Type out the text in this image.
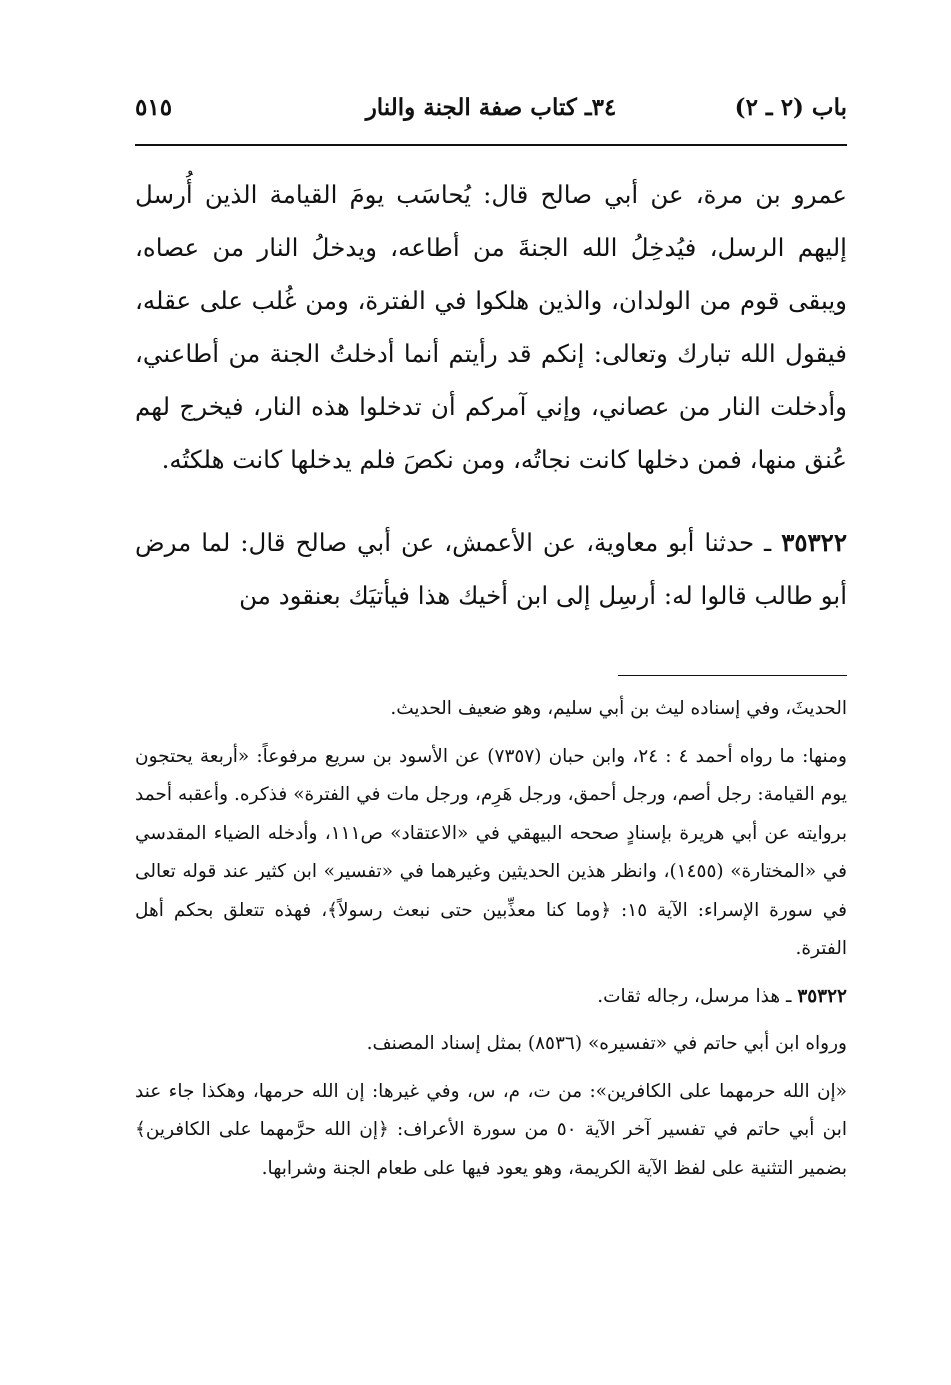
باب (٢ ـ ٢)
٣٤ـ كتاب صفة الجنة والنار
٥١٥

عمرو بن مرة، عن أبي صالح قال: يُحاسَب يومَ القيامة الذين أُرسل إليهم الرسل، فيُدخِلُ الله الجنةَ من أطاعه، ويدخلُ النار من عصاه، ويبقى قوم من الولدان، والذين هلكوا في الفترة، ومن غُلب على عقله، فيقول الله تبارك وتعالى: إنكم قد رأيتم أنما أدخلتُ الجنة من أطاعني، وأدخلت النار من عصاني، وإني آمركم أن تدخلوا هذه النار، فيخرج لهم عُنق منها، فمن دخلها كانت نجاتُه، ومن نكصَ فلم يدخلها كانت هلكتُه.

٣٥٣٢٢ ـ حدثنا أبو معاوية، عن الأعمش، عن أبي صالح قال: لما مرض أبو طالب قالوا له: أرسِل إلى ابن أخيك هذا فيأتيَك بعنقود من

الحديثَ، وفي إسناده ليث بن أبي سليم، وهو ضعيف الحديث.

ومنها: ما رواه أحمد ٤ : ٢٤، وابن حبان (٧٣٥٧) عن الأسود بن سريع مرفوعاً: «أربعة يحتجون يوم القيامة: رجل أصم، ورجل أحمق، ورجل هَرِم، ورجل مات في الفترة» فذكره. وأعقبه أحمد بروايته عن أبي هريرة بإسنادٍ صححه البيهقي في «الاعتقاد» ص١١١، وأدخله الضياء المقدسي في «المختارة» (١٤٥٥)، وانظر هذين الحديثين وغيرهما في «تفسير» ابن كثير عند قوله تعالى في سورة الإسراء: الآية ١٥: ﴿وما كنا معذِّبين حتى نبعث رسولاً﴾، فهذه تتعلق بحكم أهل الفترة.

٣٥٣٢٢ ـ هذا مرسل، رجاله ثقات.

ورواه ابن أبي حاتم في «تفسيره» (٨٥٣٦) بمثل إسناد المصنف.

«إن الله حرمهما على الكافرين»: من ت، م، س، وفي غيرها: إن الله حرمها، وهكذا جاء عند ابن أبي حاتم في تفسير آخر الآية ٥٠ من سورة الأعراف: ﴿إن الله حرَّمهما على الكافرين﴾ بضمير التثنية على لفظ الآية الكريمة، وهو يعود فيها على طعام الجنة وشرابها.
